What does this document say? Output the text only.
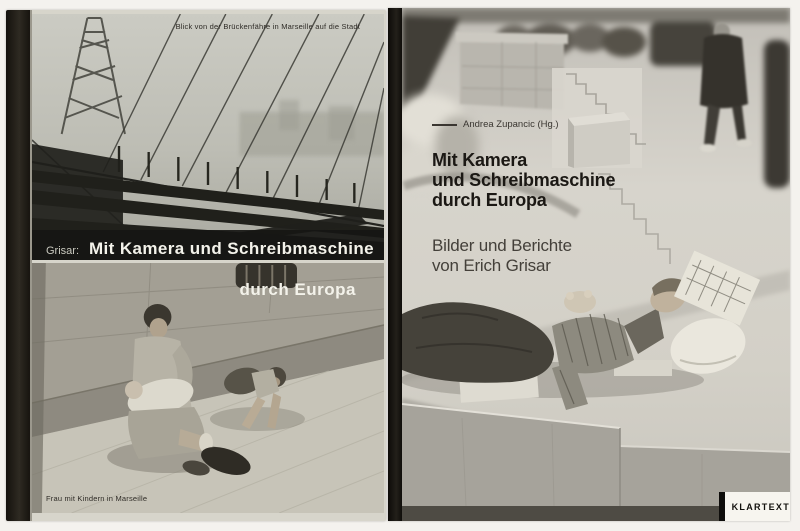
Blick von der Brückenfähre in Marseille auf die Stadt
Grisar: Mit Kamera und Schreibmaschine
durch Europa
Frau mit Kindern in Marseille
Andrea Zupancic (Hg.)
Mit Kamera
und Schreibmaschine
durch Europa
Bilder und Berichte
von Erich Grisar
KLARTEXT
